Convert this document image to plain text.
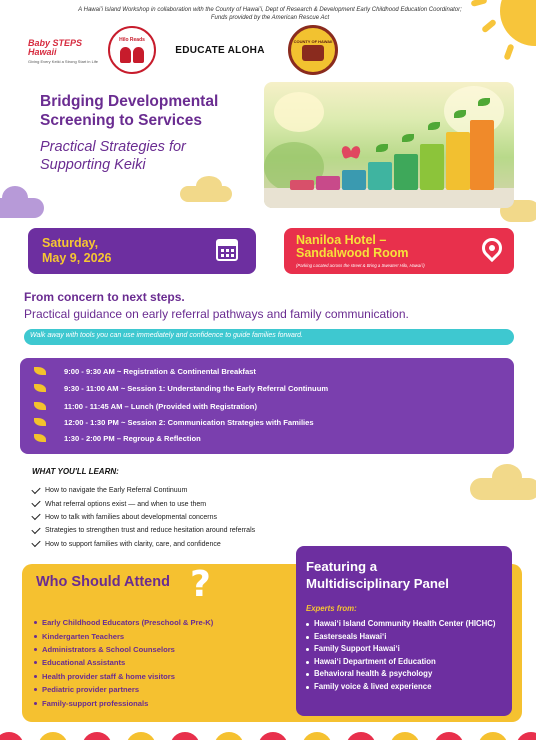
A Hawaiʻi Island Workshop in collaboration with the County of Hawaiʻi, Dept of Research & Development Early Childhood Education Coordinator;
Funds provided by the American Rescue Act
Baby STEPS Hawaii
Giving Every Keiki a Strong Start in Life
Hilo Reads
EDUCATE ALOHA
COUNTY OF HAWAII
Bridging Developmental Screening to Services
Practical Strategies for Supporting Keiki
Saturday,
May 9, 2026
Naniloa Hotel –
Sandalwood Room
(Parking Located across the street & Bring a Sweater! Hilo, Hawaiʻi)
From concern to next steps.
Practical guidance on early referral pathways and family communication.
Walk away with tools you can use immediately and confidence to guide families forward.
9:00 - 9:30 AM ~ Registration & Continental Breakfast
9:30 - 11:00 AM ~ Session 1: Understanding the Early Referral Continuum
11:00 - 11:45 AM – Lunch (Provided with Registration)
12:00 - 1:30 PM ~ Session 2: Communication Strategies with Families
1:30 - 2:00 PM – Regroup & Reflection
WHAT YOU'LL LEARN:
How to navigate the Early Referral Continuum
What referral options exist — and when to use them
How to talk with families about developmental concerns
Strategies to strengthen trust and reduce hesitation around referrals
How to support families with clarity, care, and confidence
Who Should Attend ?
Early Childhood Educators (Preschool & Pre-K)
Kindergarten Teachers
Administrators & School Counselors
Educational Assistants
Health provider staff & home visitors
Pediatric provider partners
Family-support professionals
Featuring a
Multidisciplinary Panel
Experts from:
Hawaiʻi Island Community Health Center (HICHC)
Easterseals Hawaiʻi
Family Support Hawaiʻi
Hawaiʻi Department of Education
Behavioral health & psychology
Family voice & lived experience
